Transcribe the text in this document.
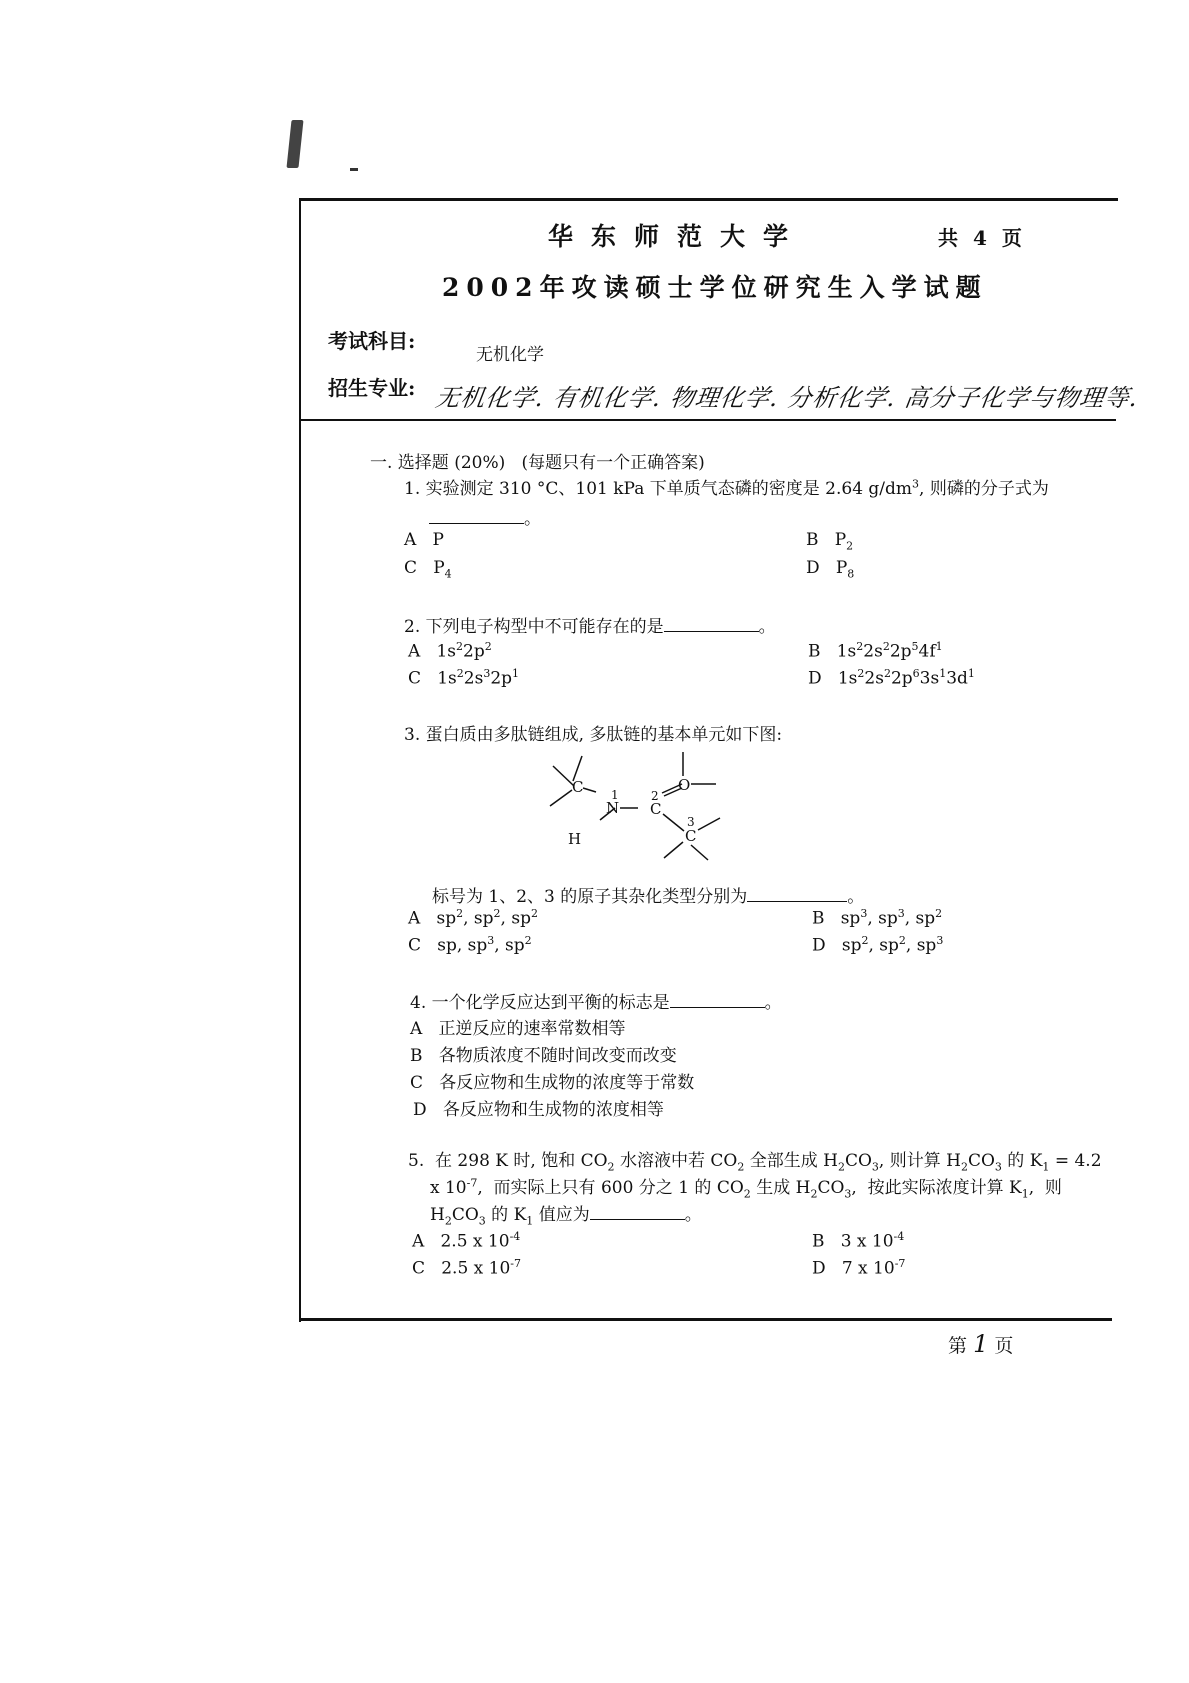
华东师范大学	共 4 页
2002年攻读硕士学位研究生入学试题
考试科目:
无机化学
招生专业: 无机化学. 有机化学. 物理化学. 分析化学. 高分子化学与物理等.
一. 选择题 (20%)   (每题只有一个正确答案)
1. 实验测定 310 °C、101 kPa 下单质气态磷的密度是 2.64 $g/dm^3$, 则磷的分子式为
。
A   P	B   $P_2$
C   $P_4$	D   $P_8$
2. 下列电子构型中不可能存在的是	。
A   $1s^22p^2$	B   $1s^22s^22p^54f^1$
C   $1s^22s^32p^1$	D   $1s^22s^22p^63s^13d^1$
3. 蛋白质由多肽链组成, 多肽链的基本单元如下图:
C
N
1
C
2
O
H	C
3
标号为 1、2、3 的原子其杂化类型分别为	。
A   $sp^2$, $sp^2$, $sp^2$	B   $sp^3$, $sp^3$, $sp^2$
C   sp, $sp^3$, $sp^2$	D   $sp^2$, $sp^2$, $sp^3$
4. 一个化学反应达到平衡的标志是	。
A   正逆反应的速率常数相等
B   各物质浓度不随时间改变而改变
C   各反应物和生成物的浓度等于常数
D   各反应物和生成物的浓度相等
5.  在 298 K 时, 饱和 $CO_2$ 水溶液中若 $CO_2$ 全部生成 $H_2CO_3$, 则计算 $H_2CO_3$ 的 $K_1 = 4.2$
x $10^{-7}$,  而实际上只有 600 分之 1 的 $CO_2$ 生成 $H_2CO_3$,  按此实际浓度计算 $K_1$,  则
$H_2CO_3$ 的 $K_1$ 值应为	。
A   2.5 x $10^{-4}$	B   3 x $10^{-4}$
C   2.5 x $10^{-7}$	D   7 x $10^{-7}$
第 1 页
